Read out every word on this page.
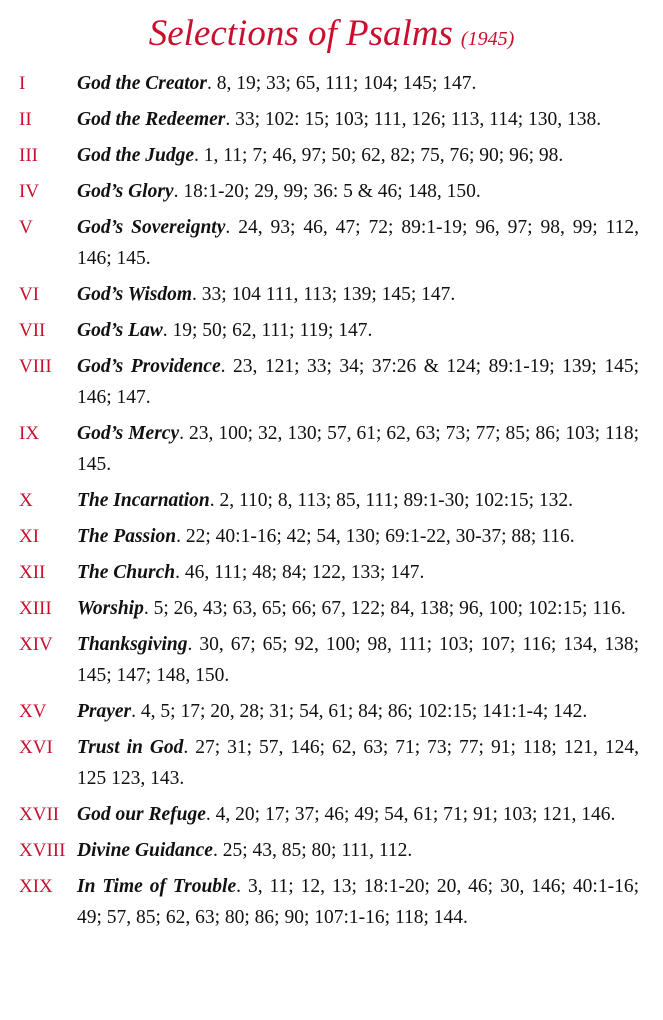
Selections of Psalms (1945)
I	God the Creator. 8, 19; 33; 65, 111; 104; 145; 147.
II	God the Redeemer. 33; 102: 15; 103; 111, 126; 113, 114; 130, 138.
III	God the Judge. 1, 11; 7; 46, 97; 50; 62, 82; 75, 76; 90; 96; 98.
IV	God’s Glory. 18:1-20; 29, 99; 36: 5 & 46; 148, 150.
V	God’s Sovereignty. 24, 93; 46, 47; 72; 89:1-19; 96, 97; 98, 99; 112, 146; 145.
VI	God’s Wisdom. 33; 104 111, 113; 139; 145; 147.
VII	God’s Law. 19; 50; 62, 111; 119; 147.
VIII	God’s Providence. 23, 121; 33; 34; 37:26 & 124; 89:1-19; 139; 145; 146; 147.
IX	God’s Mercy. 23, 100; 32, 130; 57, 61; 62, 63; 73; 77; 85; 86; 103; 118; 145.
X	The Incarnation. 2, 110; 8, 113; 85, 111; 89:1-30; 102:15; 132.
XI	The Passion. 22; 40:1-16; 42; 54, 130; 69:1-22, 30-37; 88; 116.
XII	The Church. 46, 111; 48; 84; 122, 133; 147.
XIII	Worship. 5; 26, 43; 63, 65; 66; 67, 122; 84, 138; 96, 100; 102:15; 116.
XIV	Thanksgiving. 30, 67; 65; 92, 100; 98, 111; 103; 107; 116; 134, 138; 145; 147; 148, 150.
XV	Prayer. 4, 5; 17; 20, 28; 31; 54, 61; 84; 86; 102:15; 141:1-4; 142.
XVI	Trust in God. 27; 31; 57, 146; 62, 63; 71; 73; 77; 91; 118; 121, 124, 125 123, 143.
XVII God our Refuge. 4, 20; 17; 37; 46; 49; 54, 61; 71; 91; 103; 121, 146.
XVIII Divine Guidance. 25; 43, 85; 80; 111, 112.
XIX	In Time of Trouble. 3, 11; 12, 13; 18:1-20; 20, 46; 30, 146; 40:1-16; 49; 57, 85; 62, 63; 80; 86; 90; 107:1-16; 118; 144.
